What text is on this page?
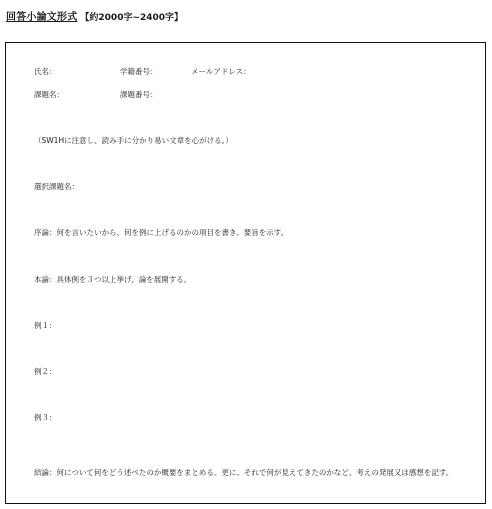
回答小論文形式 【約2000字~2400字】
氏名：	学籍番号：	メールアドレス：
課題名：	課題番号：
（SW1Hに注意し、読み手に分かり易い文章を心がける。）
選択課題名：
序論：何を言いたいから、何を例に上げるのかの項目を書き、要旨を示す。
本論：具体例を３つ以上挙げ、論を展開する。
例１：
例２：
例３：
結論：何について何をどう述べたのか概要をまとめる。更に、それで何が見えてきたのかなど、考えの発展又は感想を記す。
